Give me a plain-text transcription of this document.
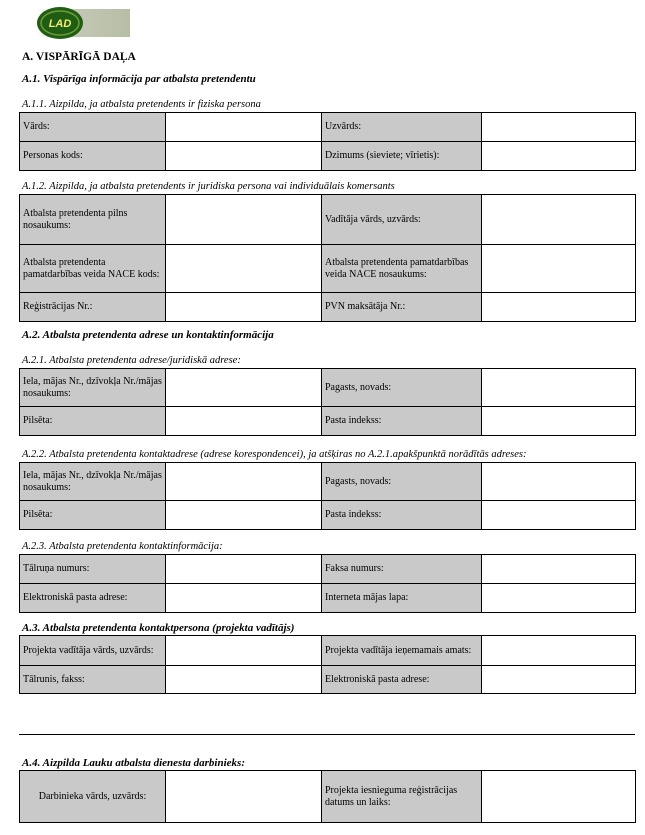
LAD
A. VISPĀRĪGĀ DAĻA
A.1. Vispārīga informācija par atbalsta pretendentu
A.1.1. Aizpilda, ja atbalsta pretendents ir fiziska persona
Vārds:		Uzvārds:	
Personas kods:		Dzimums (sieviete; vīrietis):	
A.1.2. Aizpilda, ja atbalsta pretendents ir juridiska persona vai individuālais komersants
Atbalsta pretendenta pilns nosaukums:		Vadītāja vārds, uzvārds:	
Atbalsta pretendenta pamatdarbības veida NACE kods:		Atbalsta pretendenta pamatdarbības veida NACE nosaukums:	
Reģistrācijas Nr.:		PVN maksātāja Nr.:	
A.2. Atbalsta pretendenta adrese un kontaktinformācija
A.2.1. Atbalsta pretendenta adrese/juridiskā adrese:
Iela, mājas Nr., dzīvokļa Nr./mājas nosaukums:		Pagasts, novads:	
Pilsēta:		Pasta indekss:	
A.2.2. Atbalsta pretendenta kontaktadrese (adrese korespondencei), ja atšķiras no A.2.1.apakšpunktā norādītās adreses:
Iela, mājas Nr., dzīvokļa Nr./mājas nosaukums:		Pagasts, novads:	
Pilsēta:		Pasta indekss:	
A.2.3. Atbalsta pretendenta kontaktinformācija:
Tālruņa numurs:		Faksa numurs:	
Elektroniskā pasta adrese:		Interneta mājas lapa:	
A.3. Atbalsta pretendenta kontaktpersona (projekta vadītājs)
Projekta vadītāja vārds, uzvārds:		Projekta vadītāja ieņemamais amats:	
Tālrunis, fakss:		Elektroniskā pasta adrese:	
A.4. Aizpilda Lauku atbalsta dienesta darbinieks:
Darbinieka vārds, uzvārds:		Projekta iesnieguma reģistrācijas datums un laiks:	
